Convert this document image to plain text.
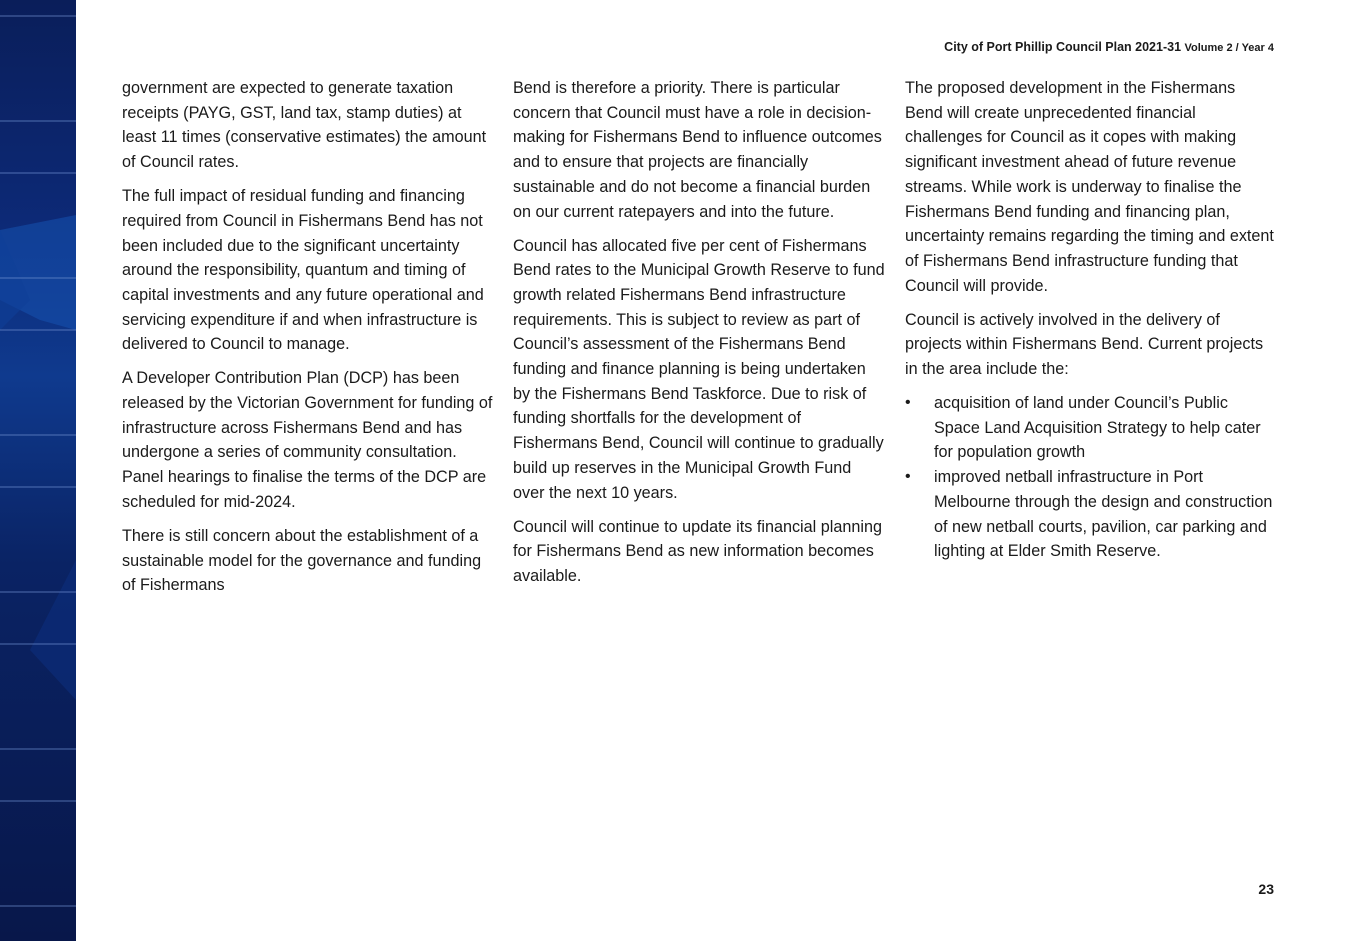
City of Port Phillip Council Plan 2021-31 Volume 2 / Year 4

government are expected to generate taxation receipts (PAYG, GST, land tax, stamp duties) at least 11 times (conservative estimates) the amount of Council rates.

The full impact of residual funding and financing required from Council in Fishermans Bend has not been included due to the significant uncertainty around the responsibility, quantum and timing of capital investments and any future operational and servicing expenditure if and when infrastructure is delivered to Council to manage.

A Developer Contribution Plan (DCP) has been released by the Victorian Government for funding of infrastructure across Fishermans Bend and has undergone a series of community consultation. Panel hearings to finalise the terms of the DCP are scheduled for mid-2024.

There is still concern about the establishment of a sustainable model for the governance and funding of Fishermans

Bend is therefore a priority. There is particular concern that Council must have a role in decision-making for Fishermans Bend to influence outcomes and to ensure that projects are financially sustainable and do not become a financial burden on our current ratepayers and into the future.

Council has allocated five per cent of Fishermans Bend rates to the Municipal Growth Reserve to fund growth related Fishermans Bend infrastructure requirements. This is subject to review as part of Council’s assessment of the Fishermans Bend funding and finance planning is being undertaken by the Fishermans Bend Taskforce. Due to risk of funding shortfalls for the development of Fishermans Bend, Council will continue to gradually build up reserves in the Municipal Growth Fund over the next 10 years.

Council will continue to update its financial planning for Fishermans Bend as new information becomes available.

The proposed development in the Fishermans Bend will create unprecedented financial challenges for Council as it copes with making significant investment ahead of future revenue streams. While work is underway to finalise the Fishermans Bend funding and financing plan, uncertainty remains regarding the timing and extent of Fishermans Bend infrastructure funding that Council will provide.

Council is actively involved in the delivery of projects within Fishermans Bend. Current projects in the area include the:

• acquisition of land under Council’s Public Space Land Acquisition Strategy to help cater for population growth
• improved netball infrastructure in Port Melbourne through the design and construction of new netball courts, pavilion, car parking and lighting at Elder Smith Reserve.
23
